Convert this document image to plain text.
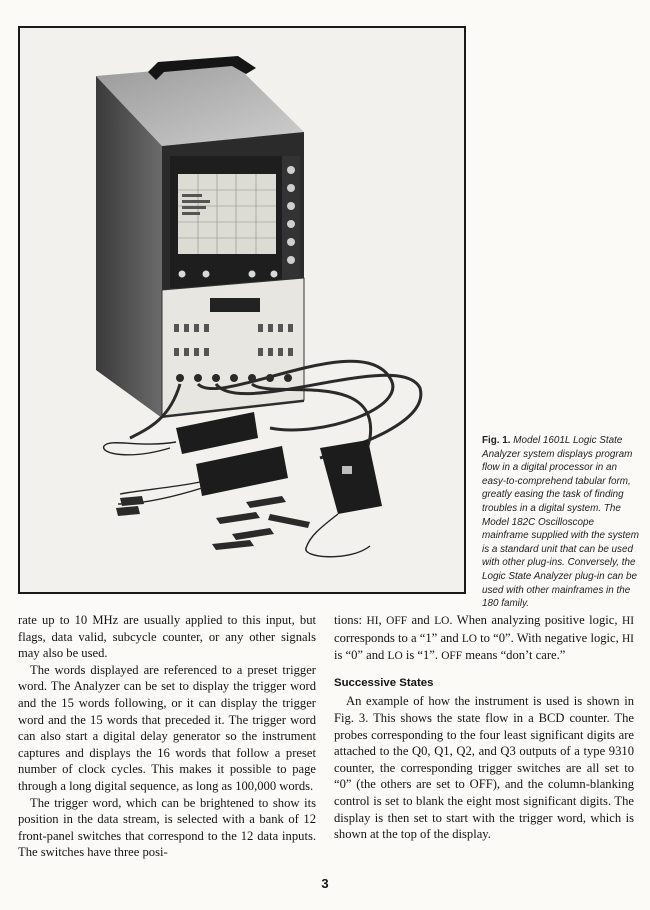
Fig. 1. Model 1601L Logic State Analyzer system displays program flow in a digital processor in an easy-to-comprehend tabular form, greatly easing the task of finding troubles in a digital system. The Model 182C Oscilloscope mainframe supplied with the system is a standard unit that can be used with other plug-ins. Conversely, the Logic State Analyzer plug-in can be used with other mainframes in the 180 family.

rate up to 10 MHz are usually applied to this input, but flags, data valid, subcycle counter, or any other signals may also be used.

The words displayed are referenced to a preset trigger word. The Analyzer can be set to display the trigger word and the 15 words following, or it can display the trigger word and the 15 words that preceded it. The trigger word can also start a digital delay generator so the instrument captures and displays the 16 words that follow a preset number of clock cycles. This makes it possible to page through a long digital sequence, as long as 100,000 words.

The trigger word, which can be brightened to show its position in the data stream, is selected with a bank of 12 front-panel switches that correspond to the 12 data inputs. The switches have three posi-

tions: HI, OFF and LO. When analyzing positive logic, HI corresponds to a “1” and LO to “0”. With negative logic, HI is “0” and LO is “1”. OFF means “don’t care.”

Successive States

An example of how the instrument is used is shown in Fig. 3. This shows the state flow in a BCD counter. The probes corresponding to the four least significant digits are attached to the Q0, Q1, Q2, and Q3 outputs of a type 9310 counter, the corresponding trigger switches are all set to “0” (the others are set to OFF), and the column-blanking control is set to blank the eight most significant digits. The display is then set to start with the trigger word, which is shown at the top of the display.

3
